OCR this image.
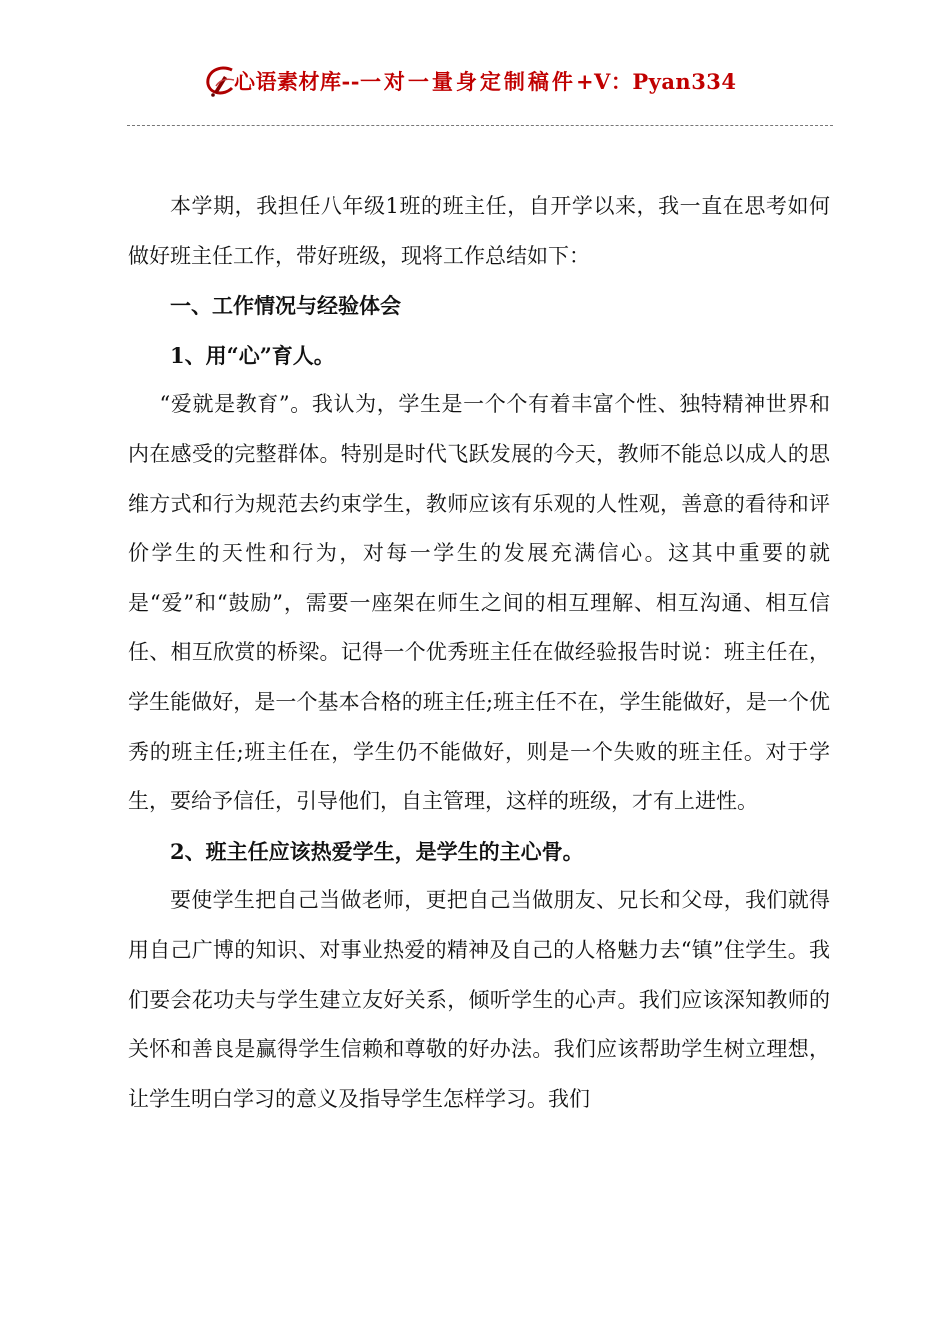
心语素材库--一对一量身定制稿件+V：Pyan334

本学期，我担任八年级1班的班主任，自开学以来，我一直在思考如何做好班主任工作，带好班级，现将工作总结如下：

一、工作情况与经验体会

1、用“心”育人。

“爱就是教育”。我认为，学生是一个个有着丰富个性、独特精神世界和内在感受的完整群体。特别是时代飞跃发展的今天，教师不能总以成人的思维方式和行为规范去约束学生，教师应该有乐观的人性观，善意的看待和评价学生的天性和行为，对每一学生的发展充满信心。这其中重要的就是“爱”和“鼓励”，需要一座架在师生之间的相互理解、相互沟通、相互信任、相互欣赏的桥梁。记得一个优秀班主任在做经验报告时说：班主任在，学生能做好，是一个基本合格的班主任;班主任不在，学生能做好，是一个优秀的班主任;班主任在，学生仍不能做好，则是一个失败的班主任。对于学生，要给予信任，引导他们，自主管理，这样的班级，才有上进性。

2、班主任应该热爱学生，是学生的主心骨。

要使学生把自己当做老师，更把自己当做朋友、兄长和父母，我们就得用自己广博的知识、对事业热爱的精神及自己的人格魅力去“镇”住学生。我们要会花功夫与学生建立友好关系，倾听学生的心声。我们应该深知教师的关怀和善良是赢得学生信赖和尊敬的好办法。我们应该帮助学生树立理想，让学生明白学习的意义及指导学生怎样学习。我们
